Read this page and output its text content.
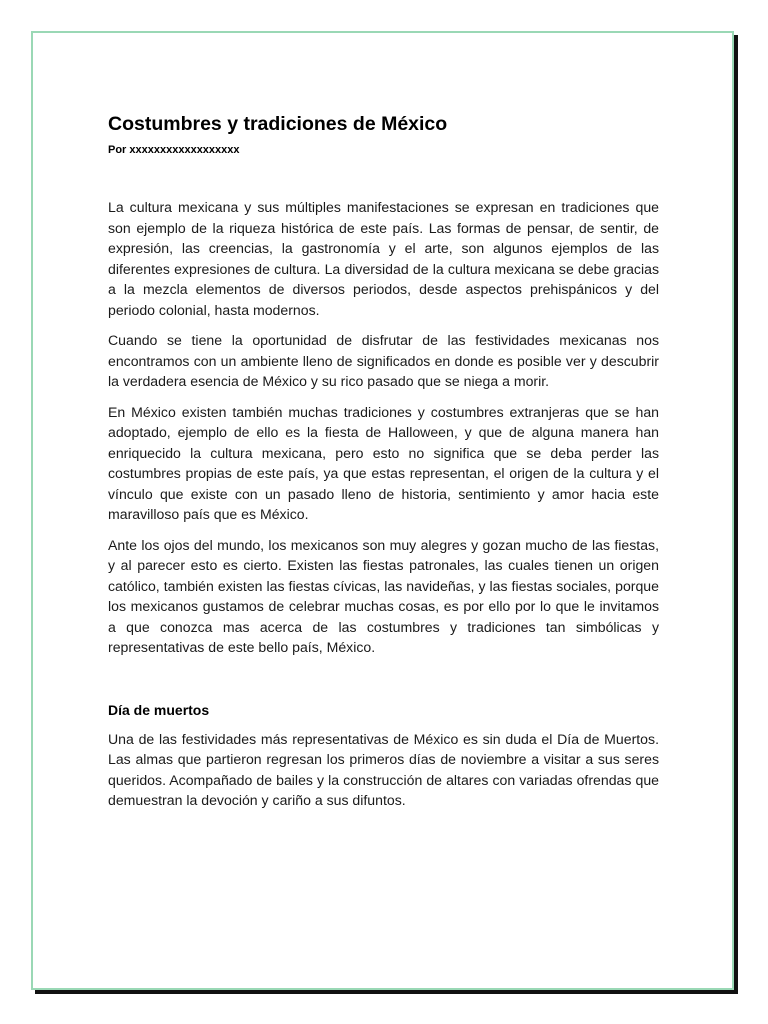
Costumbres y tradiciones de México

Por xxxxxxxxxxxxxxxxxx

La cultura mexicana y sus múltiples manifestaciones se expresan en tradiciones que son ejemplo de la riqueza histórica de este país. Las formas de pensar, de sentir, de expresión, las creencias, la gastronomía y el arte, son algunos ejemplos de las diferentes expresiones de cultura. La diversidad de la cultura mexicana se debe gracias a la mezcla elementos de diversos periodos, desde aspectos prehispánicos y del periodo colonial, hasta modernos.

Cuando se tiene la oportunidad de disfrutar de las festividades mexicanas nos encontramos con un ambiente lleno de significados en donde es posible ver y descubrir la verdadera esencia de México y su rico pasado que se niega a morir.

En México existen también muchas tradiciones y costumbres extranjeras que se han adoptado, ejemplo de ello es la fiesta de Halloween, y que de alguna manera han enriquecido la cultura mexicana, pero esto no significa que se deba perder las costumbres propias de este país, ya que estas representan, el origen de la cultura y el vínculo que existe con un pasado lleno de historia, sentimiento y amor hacia este maravilloso país que es México.

Ante los ojos del mundo, los mexicanos son muy alegres y gozan mucho de las fiestas, y al parecer esto es cierto. Existen las fiestas patronales, las cuales tienen un origen católico, también existen las fiestas cívicas, las navideñas, y las fiestas sociales, porque los mexicanos gustamos de celebrar muchas cosas, es por ello por lo que le invitamos a que conozca mas acerca de las costumbres y tradiciones tan simbólicas y representativas de este bello país, México.

Día de muertos

Una de las festividades más representativas de México es sin duda el Día de Muertos. Las almas que partieron regresan los primeros días de noviembre a visitar a sus seres queridos. Acompañado de bailes y la construcción de altares con variadas ofrendas que demuestran la devoción y cariño a sus difuntos.
